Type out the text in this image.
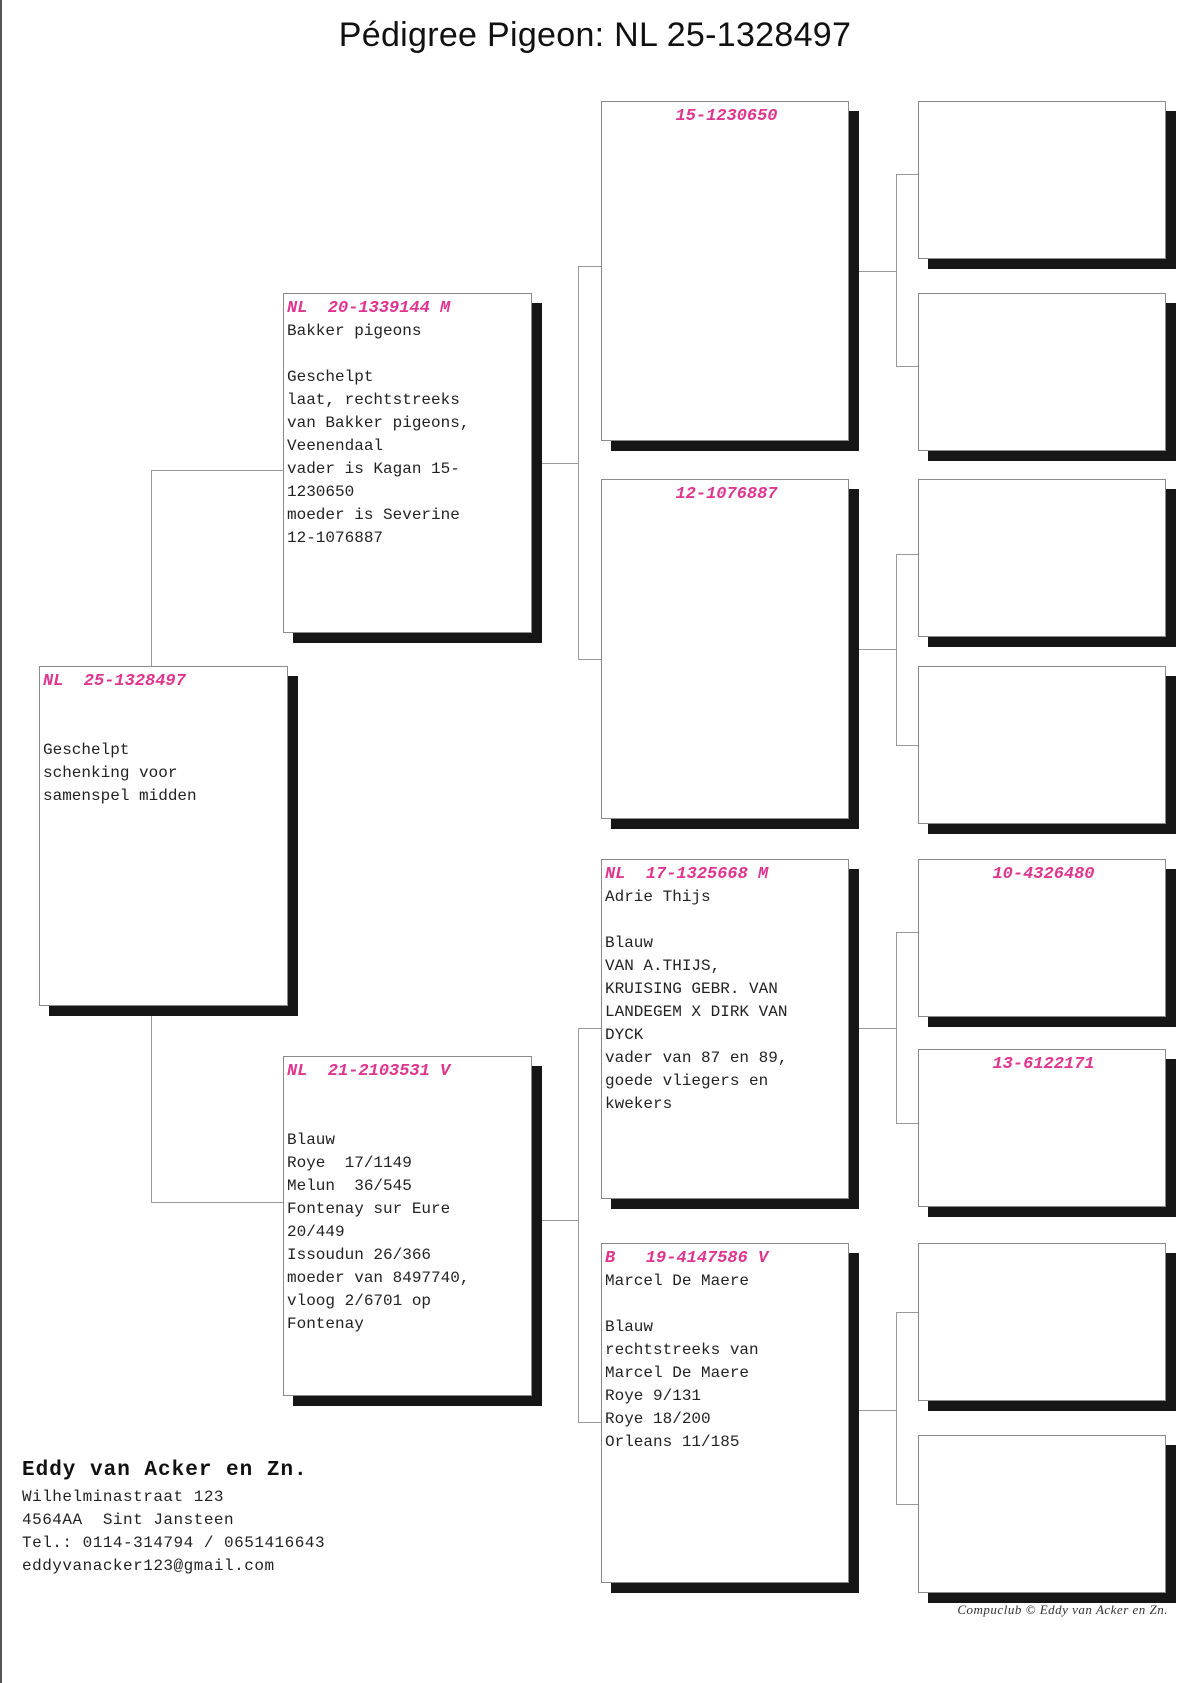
Pédigree Pigeon: NL 25-1328497
NL  25-1328497
Geschelpt
schenking voor
samenspel midden
NL  20-1339144 M
Bakker pigeons
Geschelpt
laat, rechtstreeks
van Bakker pigeons,
Veenendaal
vader is Kagan 15-
1230650
moeder is Severine
12-1076887
NL  21-2103531 V
Blauw
Roye  17/1149
Melun  36/545
Fontenay sur Eure
20/449
Issoudun 26/366
moeder van 8497740,
vloog 2/6701 op
Fontenay
15-1230650
12-1076887
NL  17-1325668 M
Adrie Thijs
Blauw
VAN A.THIJS,
KRUISING GEBR. VAN
LANDEGEM X DIRK VAN
DYCK
vader van 87 en 89,
goede vliegers en
kwekers
B   19-4147586 V
Marcel De Maere
Blauw
rechtstreeks van
Marcel De Maere
Roye 9/131
Roye 18/200
Orleans 11/185
10-4326480
13-6122171
Eddy van Acker en Zn.
Wilhelminastraat 123
4564AA  Sint Jansteen
Tel.: 0114-314794 / 0651416643
eddyvanacker123@gmail.com
Compuclub © Eddy van Acker en Zn.
